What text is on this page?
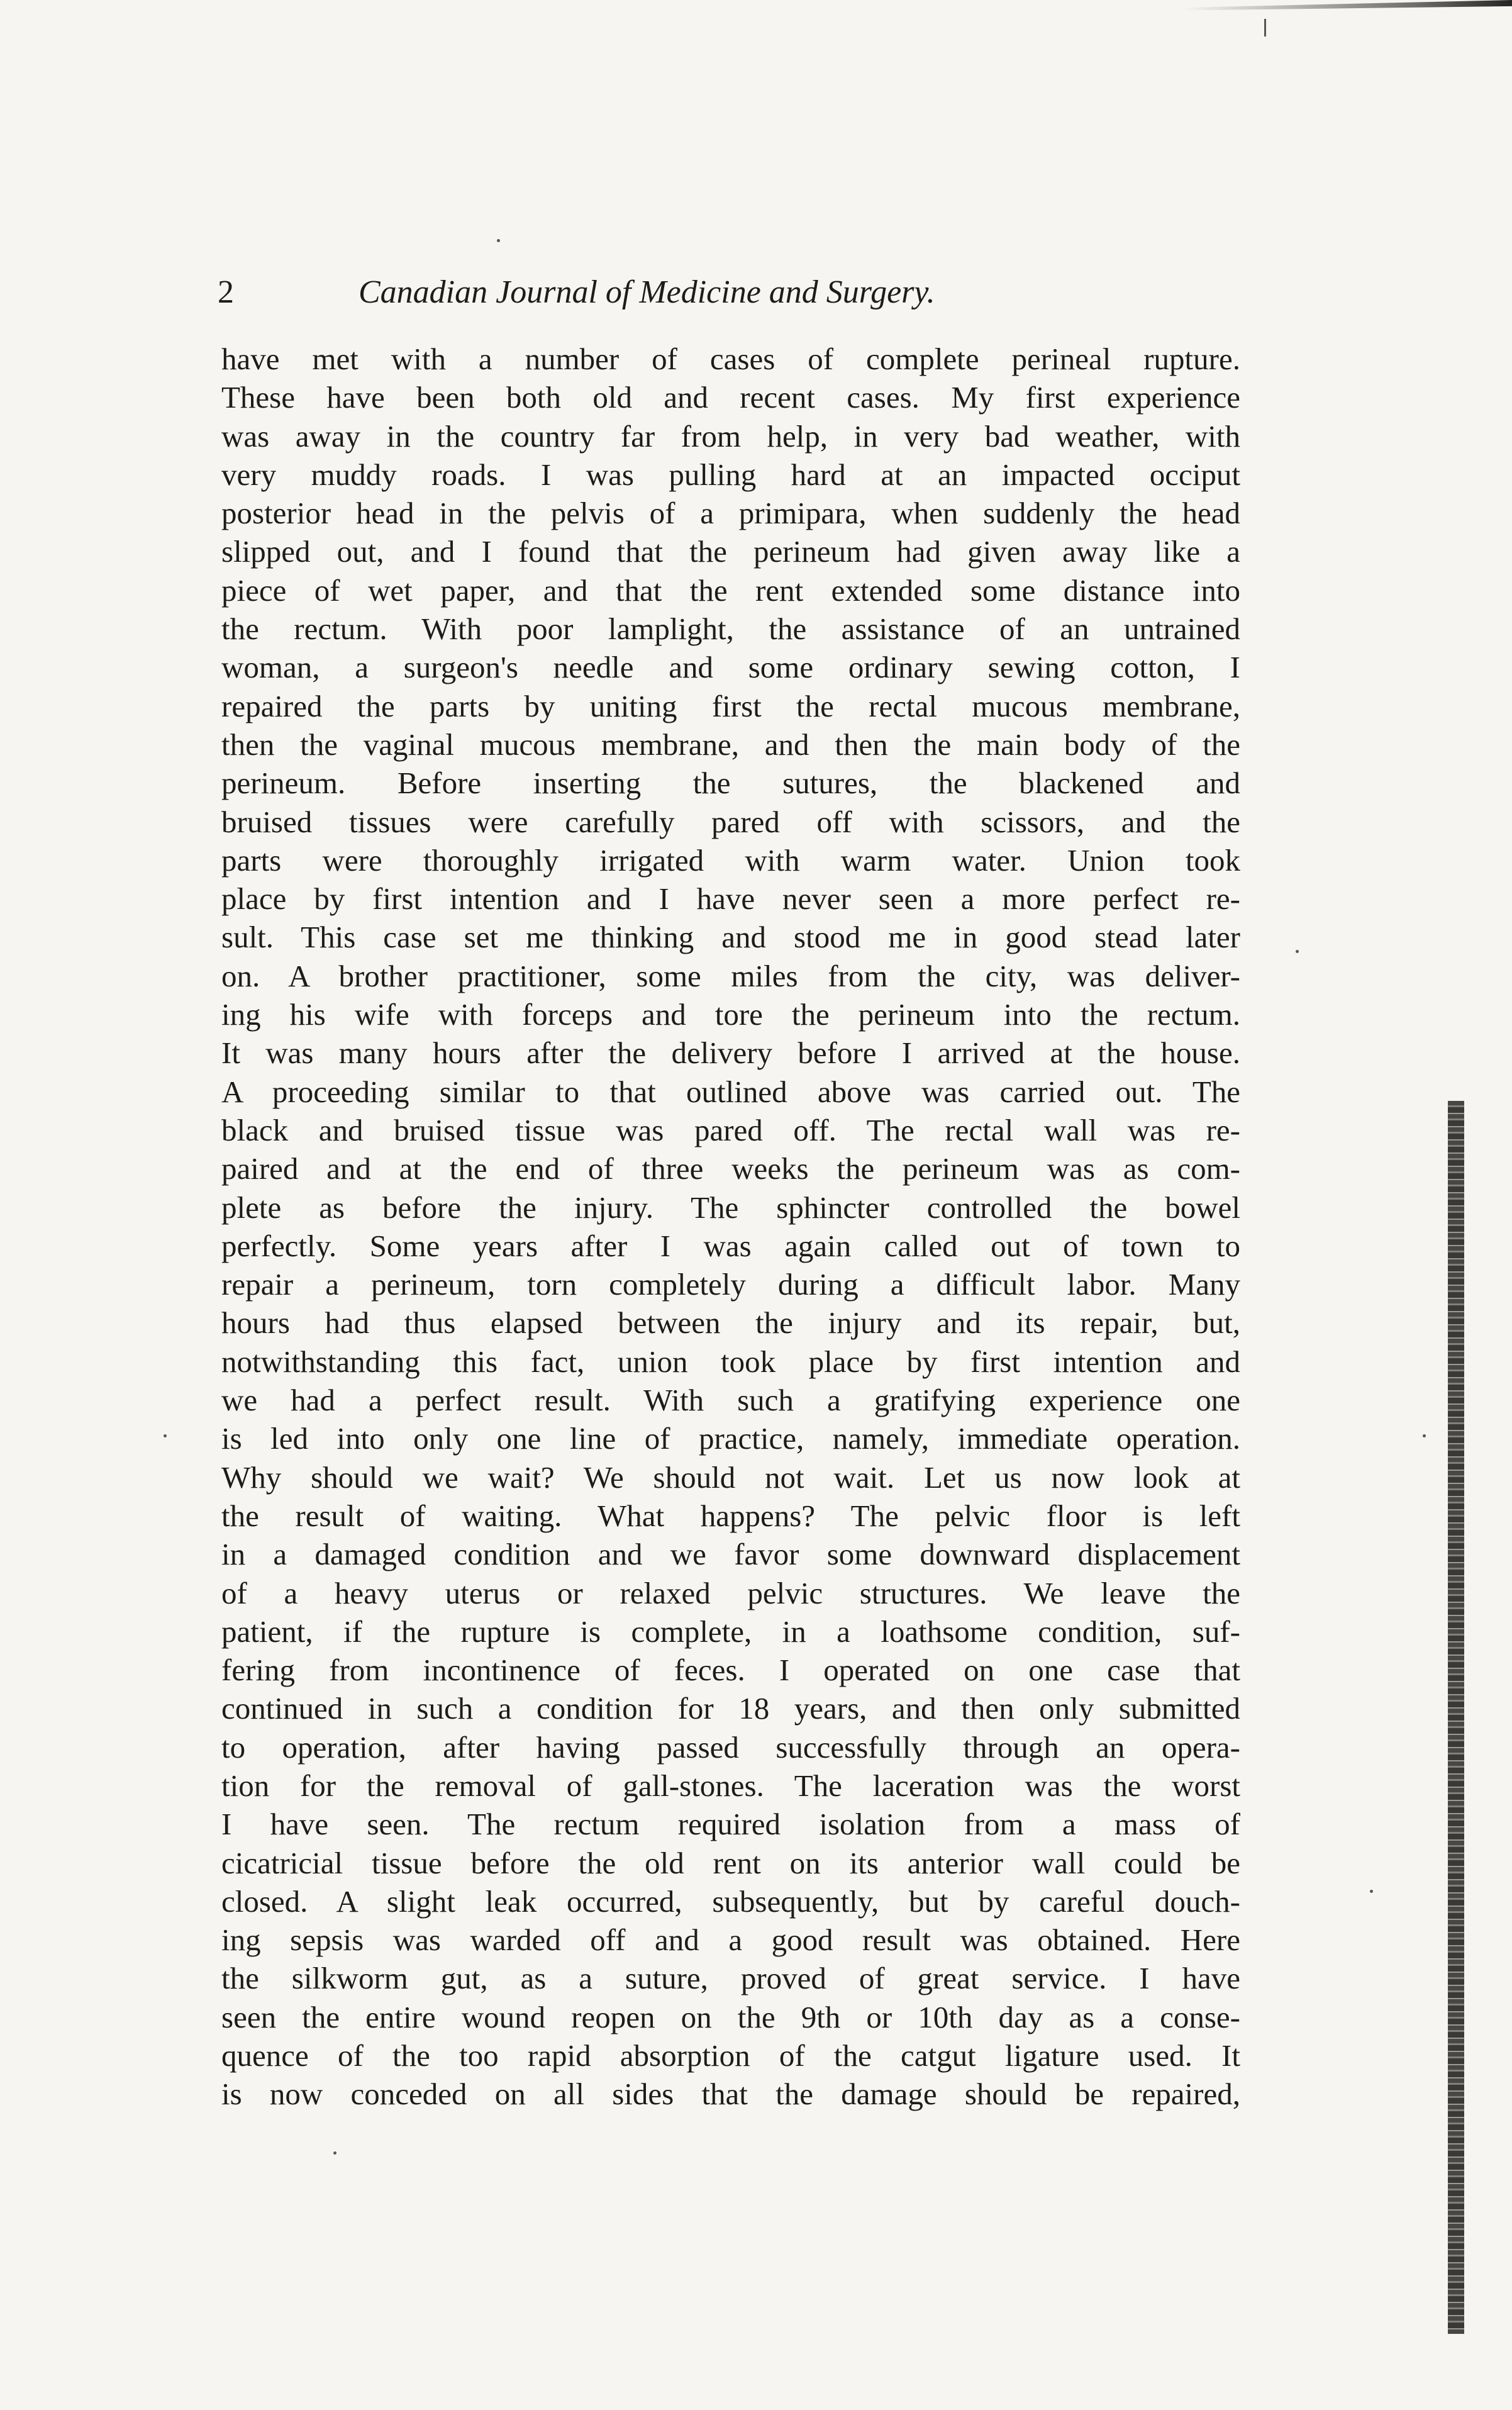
2	Canadian Journal of Medicine and Surgery.
have met with a number of cases of complete perineal rupture.
These have been both old and recent cases. My first experience
was away in the country far from help, in very bad weather, with
very muddy roads. I was pulling hard at an impacted occiput
posterior head in the pelvis of a primipara, when suddenly the head
slipped out, and I found that the perineum had given away like a
piece of wet paper, and that the rent extended some distance into
the rectum. With poor lamplight, the assistance of an untrained
woman, a surgeon's needle and some ordinary sewing cotton, I
repaired the parts by uniting first the rectal mucous membrane,
then the vaginal mucous membrane, and then the main body of the
perineum. Before inserting the sutures, the blackened and
bruised tissues were carefully pared off with scissors, and the
parts were thoroughly irrigated with warm water. Union took
place by first intention and I have never seen a more perfect re-
sult. This case set me thinking and stood me in good stead later
on. A brother practitioner, some miles from the city, was deliver-
ing his wife with forceps and tore the perineum into the rectum.
It was many hours after the delivery before I arrived at the house.
A proceeding similar to that outlined above was carried out. The
black and bruised tissue was pared off. The rectal wall was re-
paired and at the end of three weeks the perineum was as com-
plete as before the injury. The sphincter controlled the bowel
perfectly. Some years after I was again called out of town to
repair a perineum, torn completely during a difficult labor. Many
hours had thus elapsed between the injury and its repair, but,
notwithstanding this fact, union took place by first intention and
we had a perfect result. With such a gratifying experience one
is led into only one line of practice, namely, immediate operation.
Why should we wait? We should not wait. Let us now look at
the result of waiting. What happens? The pelvic floor is left
in a damaged condition and we favor some downward displacement
of a heavy uterus or relaxed pelvic structures. We leave the
patient, if the rupture is complete, in a loathsome condition, suf-
fering from incontinence of feces. I operated on one case that
continued in such a condition for 18 years, and then only submitted
to operation, after having passed successfully through an opera-
tion for the removal of gall-stones. The laceration was the worst
I have seen. The rectum required isolation from a mass of
cicatricial tissue before the old rent on its anterior wall could be
closed. A slight leak occurred, subsequently, but by careful douch-
ing sepsis was warded off and a good result was obtained. Here
the silkworm gut, as a suture, proved of great service. I have
seen the entire wound reopen on the 9th or 10th day as a conse-
quence of the too rapid absorption of the catgut ligature used. It
is now conceded on all sides that the damage should be repaired,
